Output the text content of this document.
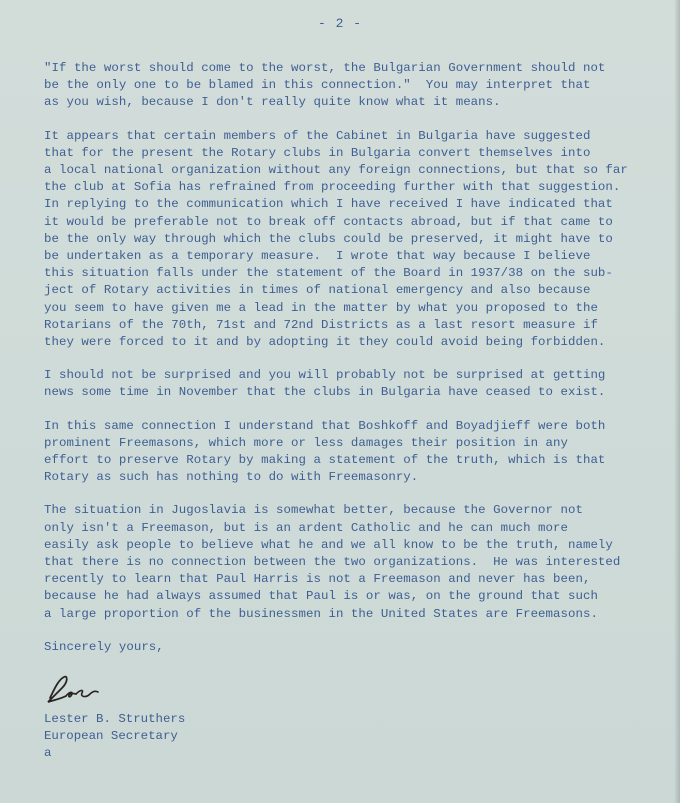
- 2 -

"If the worst should come to the worst, the Bulgarian Government should not
be the only one to be blamed in this connection."  You may interpret that
as you wish, because I don't really quite know what it means.

It appears that certain members of the Cabinet in Bulgaria have suggested
that for the present the Rotary clubs in Bulgaria convert themselves into
a local national organization without any foreign connections, but that so far
the club at Sofia has refrained from proceeding further with that suggestion.
In replying to the communication which I have received I have indicated that
it would be preferable not to break off contacts abroad, but if that came to
be the only way through which the clubs could be preserved, it might have to
be undertaken as a temporary measure.  I wrote that way because I believe
this situation falls under the statement of the Board in 1937/38 on the sub-
ject of Rotary activities in times of national emergency and also because
you seem to have given me a lead in the matter by what you proposed to the
Rotarians of the 70th, 71st and 72nd Districts as a last resort measure if
they were forced to it and by adopting it they could avoid being forbidden.

I should not be surprised and you will probably not be surprised at getting
news some time in November that the clubs in Bulgaria have ceased to exist.

In this same connection I understand that Boshkoff and Boyadjieff were both
prominent Freemasons, which more or less damages their position in any
effort to preserve Rotary by making a statement of the truth, which is that
Rotary as such has nothing to do with Freemasonry.

The situation in Jugoslavia is somewhat better, because the Governor not
only isn't a Freemason, but is an ardent Catholic and he can much more
easily ask people to believe what he and we all know to be the truth, namely
that there is no connection between the two organizations.  He was interested
recently to learn that Paul Harris is not a Freemason and never has been,
because he had always assumed that Paul is or was, on the ground that such
a large proportion of the businessmen in the United States are Freemasons.

Sincerely yours,

Lester B. Struthers
European Secretary
a
